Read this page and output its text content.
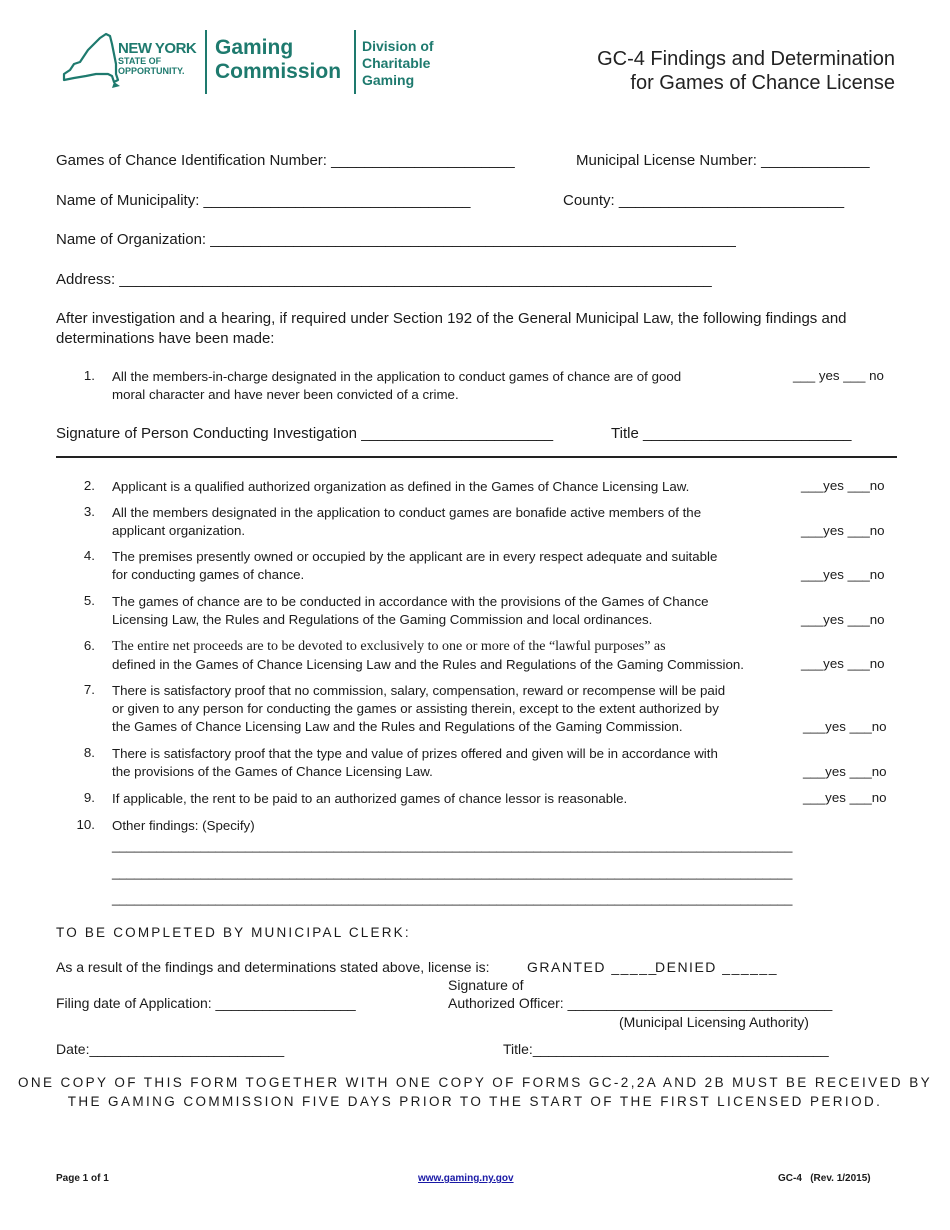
NEW YORK
STATE OF
OPPORTUNITY.
Gaming
Commission
Division of
Charitable
Gaming
GC-4 Findings and Determination
for Games of Chance License
Games of Chance Identification Number: ______________________	Municipal License Number: _____________
Name of Municipality: ________________________________	County: ___________________________
Name of Organization: _______________________________________________________________
Address: _______________________________________________________________________
After investigation and a hearing, if required under Section 192 of the General Municipal Law, the following findings and
determinations have been made:
1. All the members-in-charge designated in the application to conduct games of chance are of good
moral character and have never been convicted of a crime.
___ yes ___ no
Signature of Person Conducting Investigation _______________________	Title _________________________
2. Applicant is a qualified authorized organization as defined in the Games of Chance Licensing Law.	___yes ___no
3. All the members designated in the application to conduct games are bonafide active members of the
applicant organization.	___yes ___no
4. The premises presently owned or occupied by the applicant are in every respect adequate and suitable
for conducting games of chance.	___yes ___no
5. The games of chance are to be conducted in accordance with the provisions of the Games of Chance
Licensing Law, the Rules and Regulations of the Gaming Commission and local ordinances.	___yes ___no
6. The entire net proceeds are to be devoted to exclusively to one or more of the “lawful purposes” as
defined in the Games of Chance Licensing Law and the Rules and Regulations of the Gaming Commission.	___yes ___no
7. There is satisfactory proof that no commission, salary, compensation, reward or recompense will be paid
or given to any person for conducting the games or assisting therein, except to the extent authorized by
the Games of Chance Licensing Law and the Rules and Regulations of the Gaming Commission.	___yes ___no
8. There is satisfactory proof that the type and value of prizes offered and given will be in accordance with
the provisions of the Games of Chance Licensing Law.	___yes ___no
9. If applicable, the rent to be paid to an authorized games of chance lessor is reasonable.	___yes ___no
10. Other findings: (Specify)
____________________________________________________________________________________________
____________________________________________________________________________________________
____________________________________________________________________________________________
TO BE COMPLETED BY MUNICIPAL CLERK:
As a result of the findings and determinations stated above, license is:	GRANTED _____
DENIED ______
Signature of
Filing date of Application: __________________	Authorized Officer: __________________________________
(Municipal Licensing Authority)
Date:_________________________	Title:______________________________________
ONE COPY OF THIS FORM TOGETHER WITH ONE COPY OF FORMS GC-2,2A AND 2B MUST BE RECEIVED BY
THE GAMING COMMISSION FIVE DAYS PRIOR TO THE START OF THE FIRST LICENSED PERIOD.
Page 1 of 1	www.gaming.ny.gov	GC-4   (Rev. 1/2015)
